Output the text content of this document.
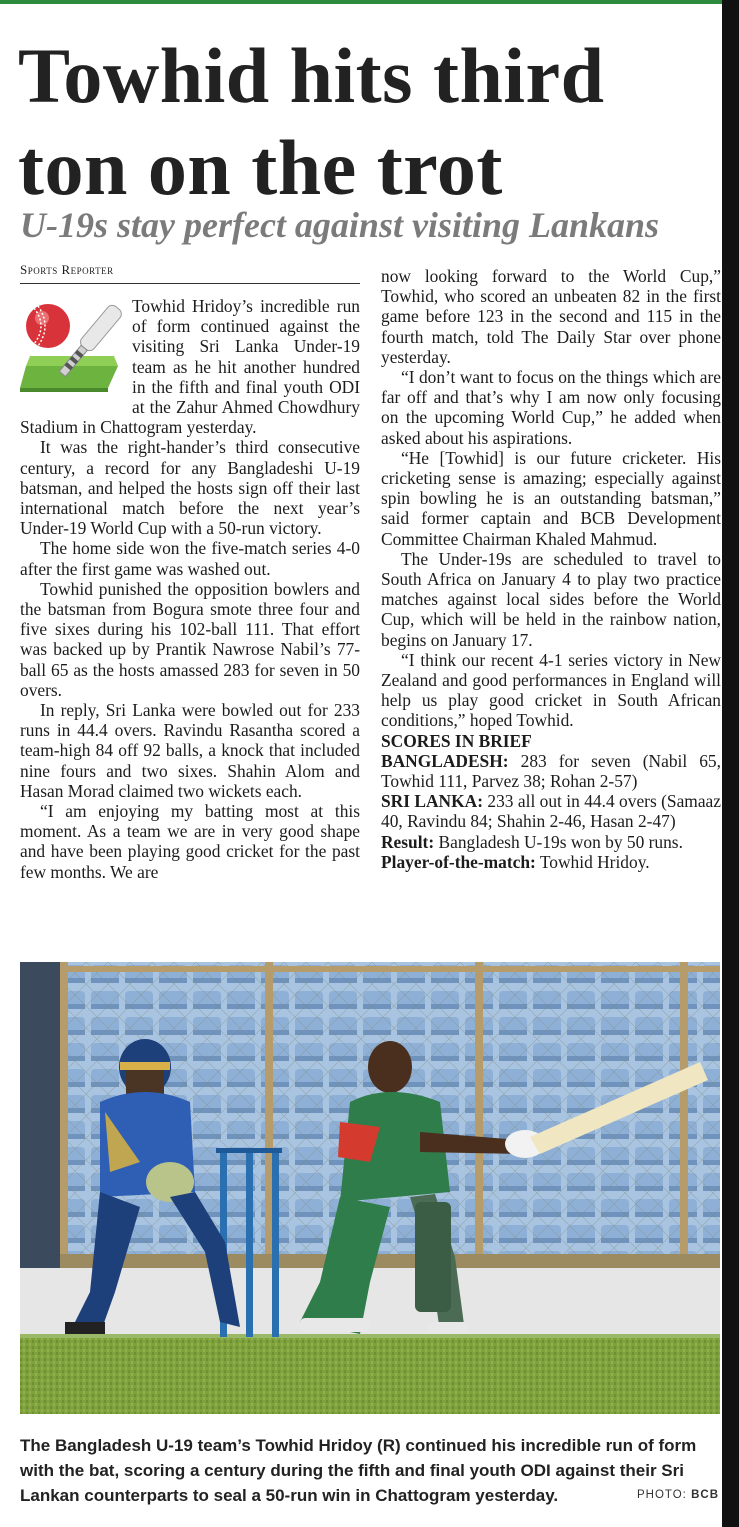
Towhid hits third
ton on the trot
U-19s stay perfect against visiting Lankans
Sports Reporter

Towhid Hridoy’s incredible run of form continued against the visiting Sri Lanka Under-19 team as he hit another hundred in the fifth and final youth ODI at the Zahur Ahmed Chowdhury Stadium in Chattogram yesterday.

It was the right-hander’s third consecutive century, a record for any Bangladeshi U-19 batsman, and helped the hosts sign off their last international match before the next year’s Under-19 World Cup with a 50-run victory.

The home side won the five-match series 4-0 after the first game was washed out.

Towhid punished the opposition bowlers and the batsman from Bogura smote three four and five sixes during his 102-ball 111. That effort was backed up by Prantik Nawrose Nabil’s 77-ball 65 as the hosts amassed 283 for seven in 50 overs.

In reply, Sri Lanka were bowled out for 233 runs in 44.4 overs. Ravindu Rasantha scored a team-high 84 off 92 balls, a knock that included nine fours and two sixes. Shahin Alom and Hasan Morad claimed two wickets each.

“I am enjoying my batting most at this moment. As a team we are in very good shape and have been playing good cricket for the past few months. We are

now looking forward to the World Cup,” Towhid, who scored an unbeaten 82 in the first game before 123 in the second and 115 in the fourth match, told The Daily Star over phone yesterday.

“I don’t want to focus on the things which are far off and that’s why I am now only focusing on the upcoming World Cup,” he added when asked about his aspirations.

“He [Towhid] is our future cricketer. His cricketing sense is amazing; especially against spin bowling he is an outstanding batsman,” said former captain and BCB Development Committee Chairman Khaled Mahmud.

The Under-19s are scheduled to travel to South Africa on January 4 to play two practice matches against local sides before the World Cup, which will be held in the rainbow nation, begins on January 17.

“I think our recent 4-1 series victory in New Zealand and good performances in England will help us play good cricket in South African conditions,” hoped Towhid.

SCORES IN BRIEF

BANGLADESH: 283 for seven (Nabil 65, Towhid 111, Parvez 38; Rohan 2-57)

SRI LANKA: 233 all out in 44.4 overs (Samaaz 40, Ravindu 84; Shahin 2-46, Hasan 2-47)

Result: Bangladesh U-19s won by 50 runs.

Player-of-the-match: Towhid Hridoy.

The Bangladesh U-19 team’s Towhid Hridoy (R) continued his incredible run of form with the bat, scoring a century during the fifth and final youth ODI against their Sri Lankan counterparts to seal a 50-run win in Chattogram yesterday.	PHOTO: BCB
